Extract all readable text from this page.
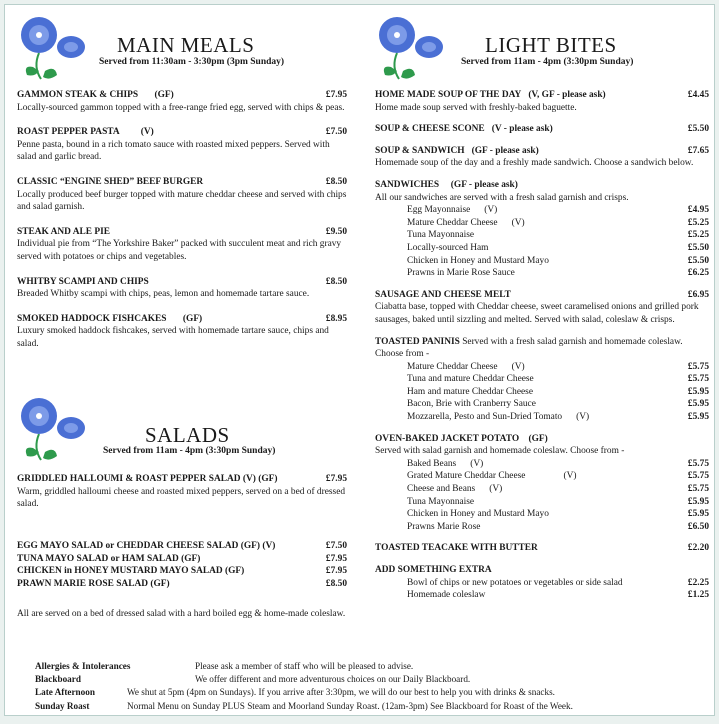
MAIN MEALS
Served from 11:30am - 3:30pm (3pm Sunday)
GAMMON STEAK & CHIPS (GF)	£7.95
Locally-sourced gammon topped with a free-range fried egg, served with chips & peas.
ROAST PEPPER PASTA (V)	£7.50
Penne pasta, bound in a rich tomato sauce with roasted mixed peppers. Served with salad and garlic bread.
CLASSIC “ENGINE SHED” BEEF BURGER	£8.50
Locally produced beef burger topped with mature cheddar cheese and served with chips and salad garnish.
STEAK AND ALE PIE	£9.50
Individual pie from “The Yorkshire Baker” packed with succulent meat and rich gravy served with potatoes or chips and vegetables.
WHITBY SCAMPI AND CHIPS	£8.50
Breaded Whitby scampi with chips, peas, lemon and homemade tartare sauce.
SMOKED HADDOCK FISHCAKES (GF)	£8.95
Luxury smoked haddock fishcakes, served with homemade tartare sauce, chips and salad.
SALADS
Served from 11am - 4pm (3:30pm Sunday)
GRIDDLED HALLOUMI & ROAST PEPPER SALAD (V) (GF)	£7.95
Warm, griddled halloumi cheese and roasted mixed peppers, served on a bed of dressed salad.
EGG MAYO SALAD or CHEDDAR CHEESE SALAD (GF) (V)	£7.50
TUNA MAYO SALAD or HAM SALAD (GF)	£7.95
CHICKEN in HONEY MUSTARD MAYO SALAD (GF)	£7.95
PRAWN MARIE ROSE SALAD (GF)	£8.50
All are served on a bed of dressed salad with a hard boiled egg & home-made coleslaw.
LIGHT BITES
Served from 11am - 4pm (3:30pm Sunday)
HOME MADE SOUP OF THE DAY (V, GF - please ask)	£4.45
Home made soup served with freshly-baked baguette.
SOUP & CHEESE SCONE (V - please ask)	£5.50
SOUP & SANDWICH (GF - please ask)	£7.65
Homemade soup of the day and a freshly made sandwich. Choose a sandwich below.
SANDWICHES (GF - please ask)
All our sandwiches are served with a fresh salad garnish and crisps.
Egg Mayonnaise (V)	£4.95
Mature Cheddar Cheese (V)	£5.25
Tuna Mayonnaise	£5.25
Locally-sourced Ham	£5.50
Chicken in Honey and Mustard Mayo	£5.50
Prawns in Marie Rose Sauce	£6.25
SAUSAGE AND CHEESE MELT	£6.95
Ciabatta base, topped with Cheddar cheese, sweet caramelised onions and grilled pork sausages, baked until sizzling and melted. Served with salad, coleslaw & crisps.
TOASTED PANINIS Served with a fresh salad garnish and homemade coleslaw. Choose from -
Mature Cheddar Cheese (V)	£5.75
Tuna and mature Cheddar Cheese	£5.75
Ham and mature Cheddar Cheese	£5.95
Bacon, Brie with Cranberry Sauce	£5.95
Mozzarella, Pesto and Sun-Dried Tomato (V)	£5.95
OVEN-BAKED JACKET POTATO (GF)
Served with salad garnish and homemade coleslaw. Choose from -
Baked Beans (V)	£5.75
Grated Mature Cheddar Cheese	(V)	£5.75
Cheese and Beans (V)	£5.75
Tuna Mayonnaise	£5.95
Chicken in Honey and Mustard Mayo	£5.95
Prawns Marie Rose	£6.50
TOASTED TEACAKE WITH BUTTER	£2.20
ADD SOMETHING EXTRA
Bowl of chips or new potatoes or vegetables or side salad	£2.25
Homemade coleslaw	£1.25
Allergies & Intolerances	Please ask a member of staff who will be pleased to advise.
Blackboard	We offer different and more adventurous choices on our Daily Blackboard.
Late Afternoon	We shut at 5pm (4pm on Sundays). If you arrive after 3:30pm, we will do our best to help you with drinks & snacks.
Sunday Roast	Normal Menu on Sunday PLUS Steam and Moorland Sunday Roast. (12am-3pm) See Blackboard for Roast of the Week.
